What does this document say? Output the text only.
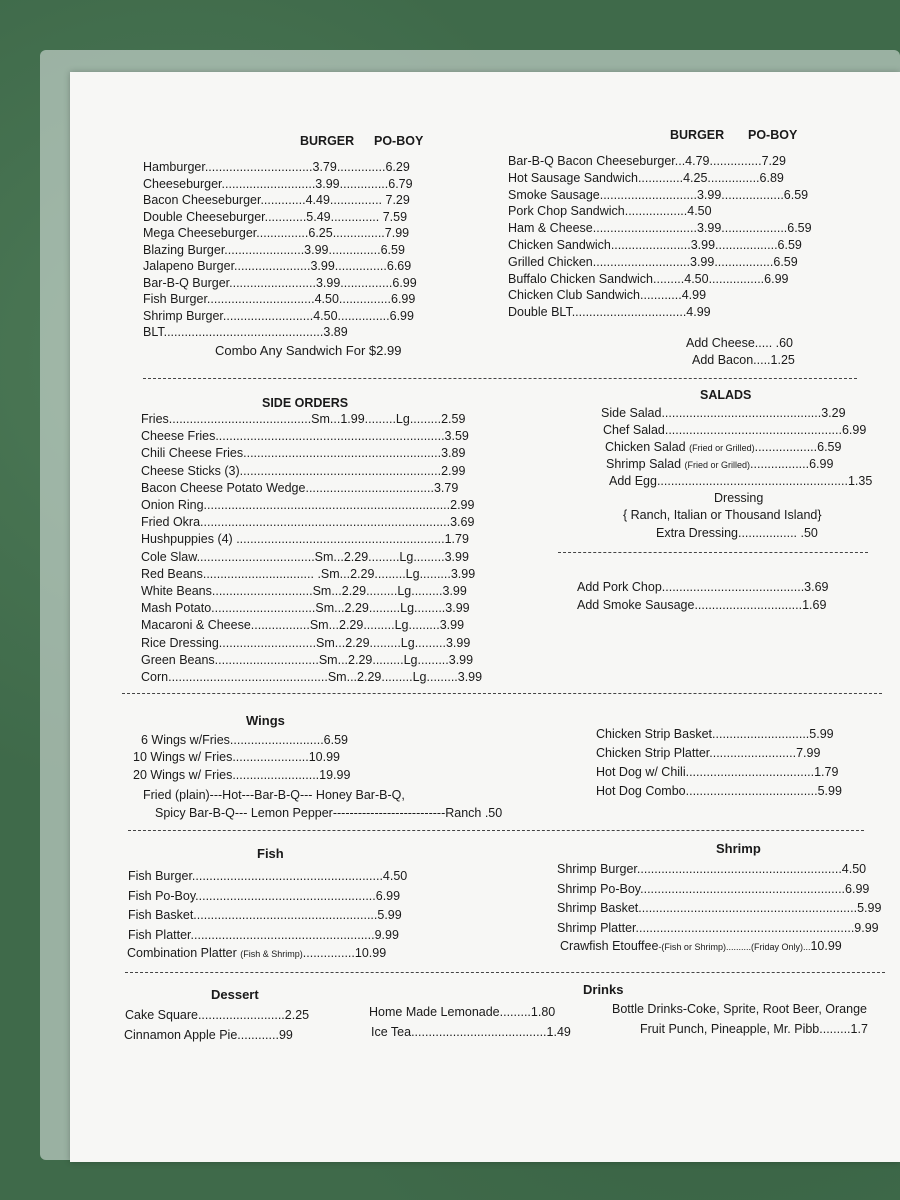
BURGER PO-BOY
Hamburger...............................3.79..............6.29
Cheeseburger...........................3.99..............6.79
Bacon Cheeseburger.............4.49............... 7.29
Double Cheeseburger............5.49.............. 7.59
Mega Cheeseburger...............6.25...............7.99
Blazing Burger.......................3.99...............6.59
Jalapeno Burger......................3.99...............6.69
Bar-B-Q Burger.........................3.99...............6.99
Fish Burger...............................4.50...............6.99
Shrimp Burger..........................4.50...............6.99
BLT..............................................3.89
Combo Any Sandwich For $2.99
BURGER PO-BOY
Bar-B-Q Bacon Cheeseburger...4.79...............7.29
Hot Sausage Sandwich.............4.25...............6.89
Smoke Sausage............................3.99..................6.59
Pork Chop Sandwich..................4.50
Ham & Cheese..............................3.99...................6.59
Chicken Sandwich.......................3.99..................6.59
Grilled Chicken............................3.99.................6.59
Buffalo Chicken Sandwich.........4.50................6.99
Chicken Club Sandwich............4.99
Double BLT.................................4.99
Add Cheese..... .60
Add Bacon.....1.25
SIDE ORDERS
Fries.........................................Sm...1.99.........Lg.........2.59
Cheese Fries..................................................................3.59
Chili Cheese Fries.........................................................3.89
Cheese Sticks (3)..........................................................2.99
Bacon Cheese Potato Wedge.....................................3.79
Onion Ring.......................................................................2.99
Fried Okra........................................................................3.69
Hushpuppies (4) ............................................................1.79
Cole Slaw..................................Sm...2.29.........Lg.........3.99
Red Beans................................ .Sm...2.29.........Lg.........3.99
White Beans.............................Sm...2.29.........Lg.........3.99
Mash Potato..............................Sm...2.29.........Lg.........3.99
Macaroni & Cheese.................Sm...2.29.........Lg.........3.99
Rice Dressing............................Sm...2.29.........Lg.........3.99
Green Beans..............................Sm...2.29.........Lg.........3.99
Corn..............................................Sm...2.29.........Lg.........3.99
SALADS
Side Salad..............................................3.29
Chef Salad...................................................6.99
Chicken Salad (Fried or Grilled)..................6.59
Shrimp Salad (Fried or Grilled).................6.99
Add Egg.......................................................1.35
Dressing
{ Ranch, Italian or Thousand Island}
Extra Dressing................. .50
Add Pork Chop.........................................3.69
Add Smoke Sausage...............................1.69
Wings
6 Wings w/Fries...........................6.59
10 Wings w/ Fries......................10.99
20 Wings w/ Fries.........................19.99
Fried (plain)---Hot---Bar-B-Q--- Honey Bar-B-Q,
Spicy Bar-B-Q--- Lemon Pepper---------------------------Ranch .50
Chicken Strip Basket............................5.99
Chicken Strip Platter.........................7.99
Hot Dog w/ Chili.....................................1.79
Hot Dog Combo......................................5.99
Fish
Fish Burger.......................................................4.50
Fish Po-Boy....................................................6.99
Fish Basket.....................................................5.99
Fish Platter.....................................................9.99
Combination Platter (Fish & Shrimp)...............10.99
Shrimp
Shrimp Burger...........................................................4.50
Shrimp Po-Boy...........................................................6.99
Shrimp Basket...............................................................5.99
Shrimp Platter...............................................................9.99
Crawfish Etouffee-(Fish or Shrimp)..........(Friday Only)...10.99
Dessert
Cake Square.........................2.25
Cinnamon Apple Pie............99
Drinks
Home Made Lemonade.........1.80
Ice Tea.......................................1.49
Bottle Drinks-Coke, Sprite, Root Beer, Orange
Fruit Punch, Pineapple, Mr. Pibb.........1.7
